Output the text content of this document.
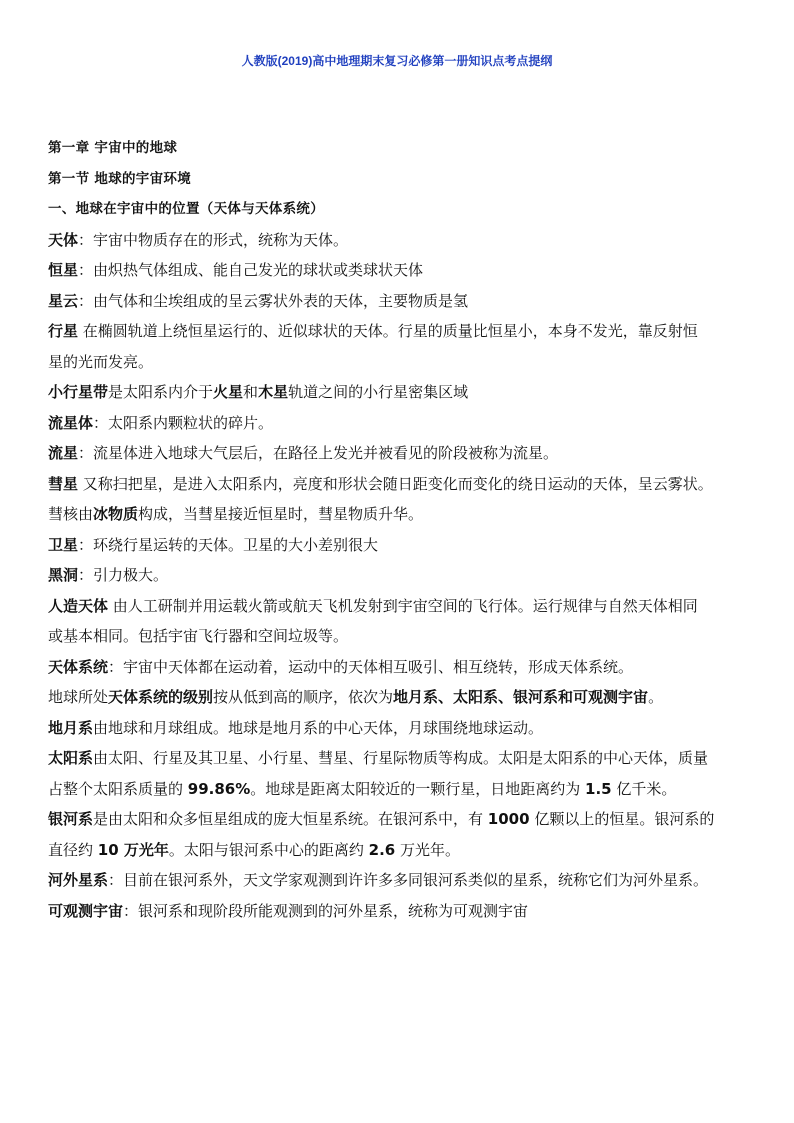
人教版(2019)高中地理期末复习必修第一册知识点考点提纲
第一章 宇宙中的地球
第一节 地球的宇宙环境
一、地球在宇宙中的位置（天体与天体系统）
天体：宇宙中物质存在的形式，统称为天体。
恒星：由炽热气体组成、能自己发光的球状或类球状天体
星云：由气体和尘埃组成的呈云雾状外表的天体，主要物质是氢
行星 在椭圆轨道上绕恒星运行的、近似球状的天体。行星的质量比恒星小，本身不发光，靠反射恒
星的光而发亮。
小行星带是太阳系内介于火星和木星轨道之间的小行星密集区域
流星体：太阳系内颗粒状的碎片。
流星：流星体进入地球大气层后，在路径上发光并被看见的阶段被称为流星。
彗星 又称扫把星，是进入太阳系内，亮度和形状会随日距变化而变化的绕日运动的天体，呈云雾状。
彗核由冰物质构成，当彗星接近恒星时，彗星物质升华。
卫星：环绕行星运转的天体。卫星的大小差别很大
黑洞：引力极大。
人造天体 由人工研制并用运载火箭或航天飞机发射到宇宙空间的飞行体。运行规律与自然天体相同
或基本相同。包括宇宙飞行器和空间垃圾等。
天体系统：宇宙中天体都在运动着，运动中的天体相互吸引、相互绕转，形成天体系统。
地球所处天体系统的级别按从低到高的顺序，依次为地月系、太阳系、银河系和可观测宇宙。
地月系由地球和月球组成。地球是地月系的中心天体，月球围绕地球运动。
太阳系由太阳、行星及其卫星、小行星、彗星、行星际物质等构成。太阳是太阳系的中心天体，质量
占整个太阳系质量的 99.86%。地球是距离太阳较近的一颗行星，日地距离约为 1.5 亿千米。
银河系是由太阳和众多恒星组成的庞大恒星系统。在银河系中，有 1000 亿颗以上的恒星。银河系的
直径约 10 万光年。太阳与银河系中心的距离约 2.6 万光年。
河外星系：目前在银河系外，天文学家观测到许许多多同银河系类似的星系，统称它们为河外星系。
可观测宇宙：银河系和现阶段所能观测到的河外星系，统称为可观测宇宙
